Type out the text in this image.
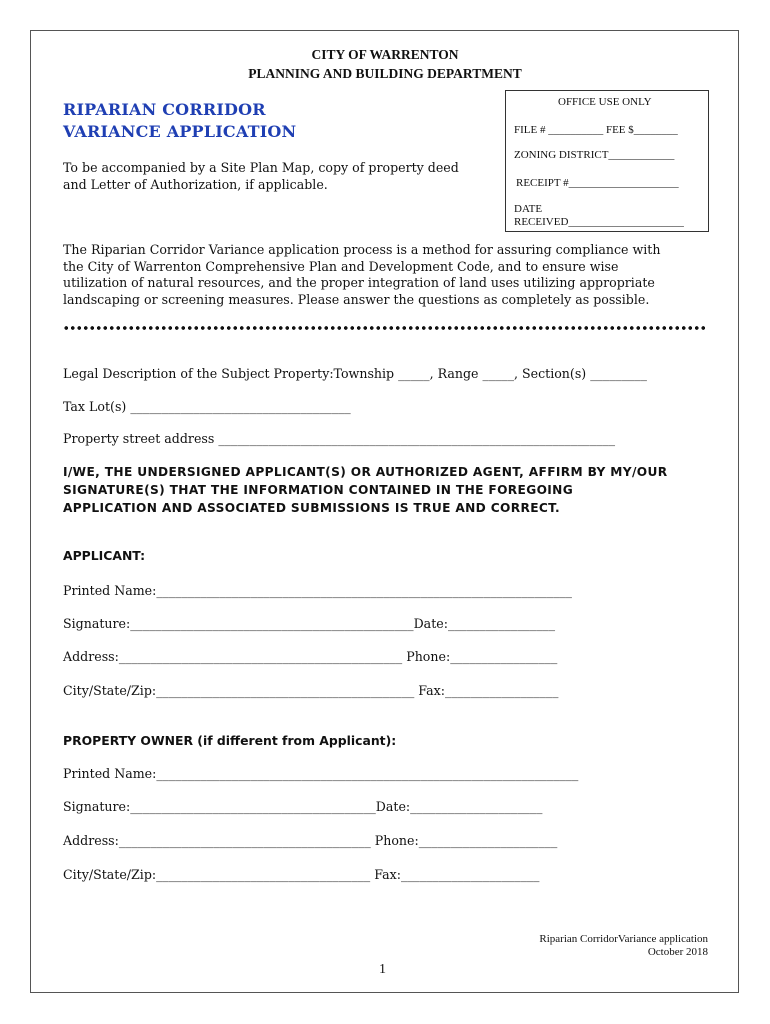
CITY OF WARRENTON
PLANNING AND BUILDING DEPARTMENT
RIPARIAN CORRIDOR
VARIANCE APPLICATION
To be accompanied by a Site Plan Map, copy of property deed
and Letter of Authorization, if applicable.
OFFICE USE ONLY
FILE # __________ FEE $________
ZONING DISTRICT____________
RECEIPT #____________________
DATE
RECEIVED_____________________
The Riparian Corridor Variance application process is a method for assuring compliance with
the City of Warrenton Comprehensive Plan and Development Code, and to ensure wise
utilization of natural resources, and the proper integration of land uses utilizing appropriate
landscaping or screening measures. Please answer the questions as completely as possible.
Legal Description of the Subject Property:Township _____, Range _____, Section(s) _________
Tax Lot(s) ___________________________________
Property street address _______________________________________________________________
I/WE, THE UNDERSIGNED APPLICANT(S) OR AUTHORIZED AGENT, AFFIRM BY MY/OUR
SIGNATURE(S) THAT THE INFORMATION CONTAINED IN THE FOREGOING
APPLICATION AND ASSOCIATED SUBMISSIONS IS TRUE AND CORRECT.
APPLICANT:
Printed Name:__________________________________________________________________
Signature:_____________________________________________Date:_________________
Address:_____________________________________________ Phone:_________________
City/State/Zip:_________________________________________ Fax:__________________
PROPERTY OWNER (if different from Applicant):
Printed Name:___________________________________________________________________
Signature:_______________________________________Date:_____________________
Address:________________________________________ Phone:______________________
City/State/Zip:__________________________________ Fax:______________________
Riparian CorridorVariance application
October 2018
1
